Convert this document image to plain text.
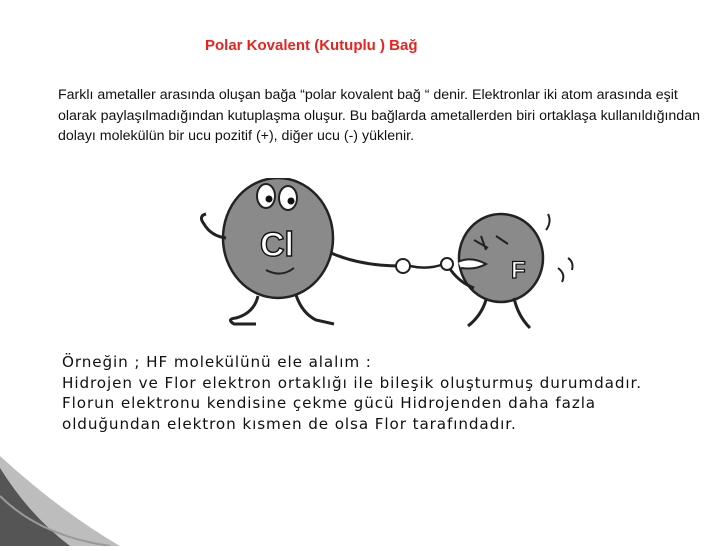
Polar Kovalent (Kutuplu ) Bağ
Farklı ametaller arasında oluşan bağa “polar kovalent bağ “ denir. Elektronlar iki atom arasında eşit olarak paylaşılmadığından kutuplaşma oluşur. Bu bağlarda ametallerden biri ortaklaşa kullanıldığından dolayı molekülün bir ucu pozitif (+), diğer ucu (-) yüklenir.
Cl
F
Örneğin ; HF molekülünü ele alalım :
Hidrojen ve Flor elektron ortaklığı ile bileşik oluşturmuş durumdadır.
Florun elektronu kendisine çekme gücü Hidrojenden daha fazla
olduğundan elektron kısmen de olsa Flor tarafındadır.
